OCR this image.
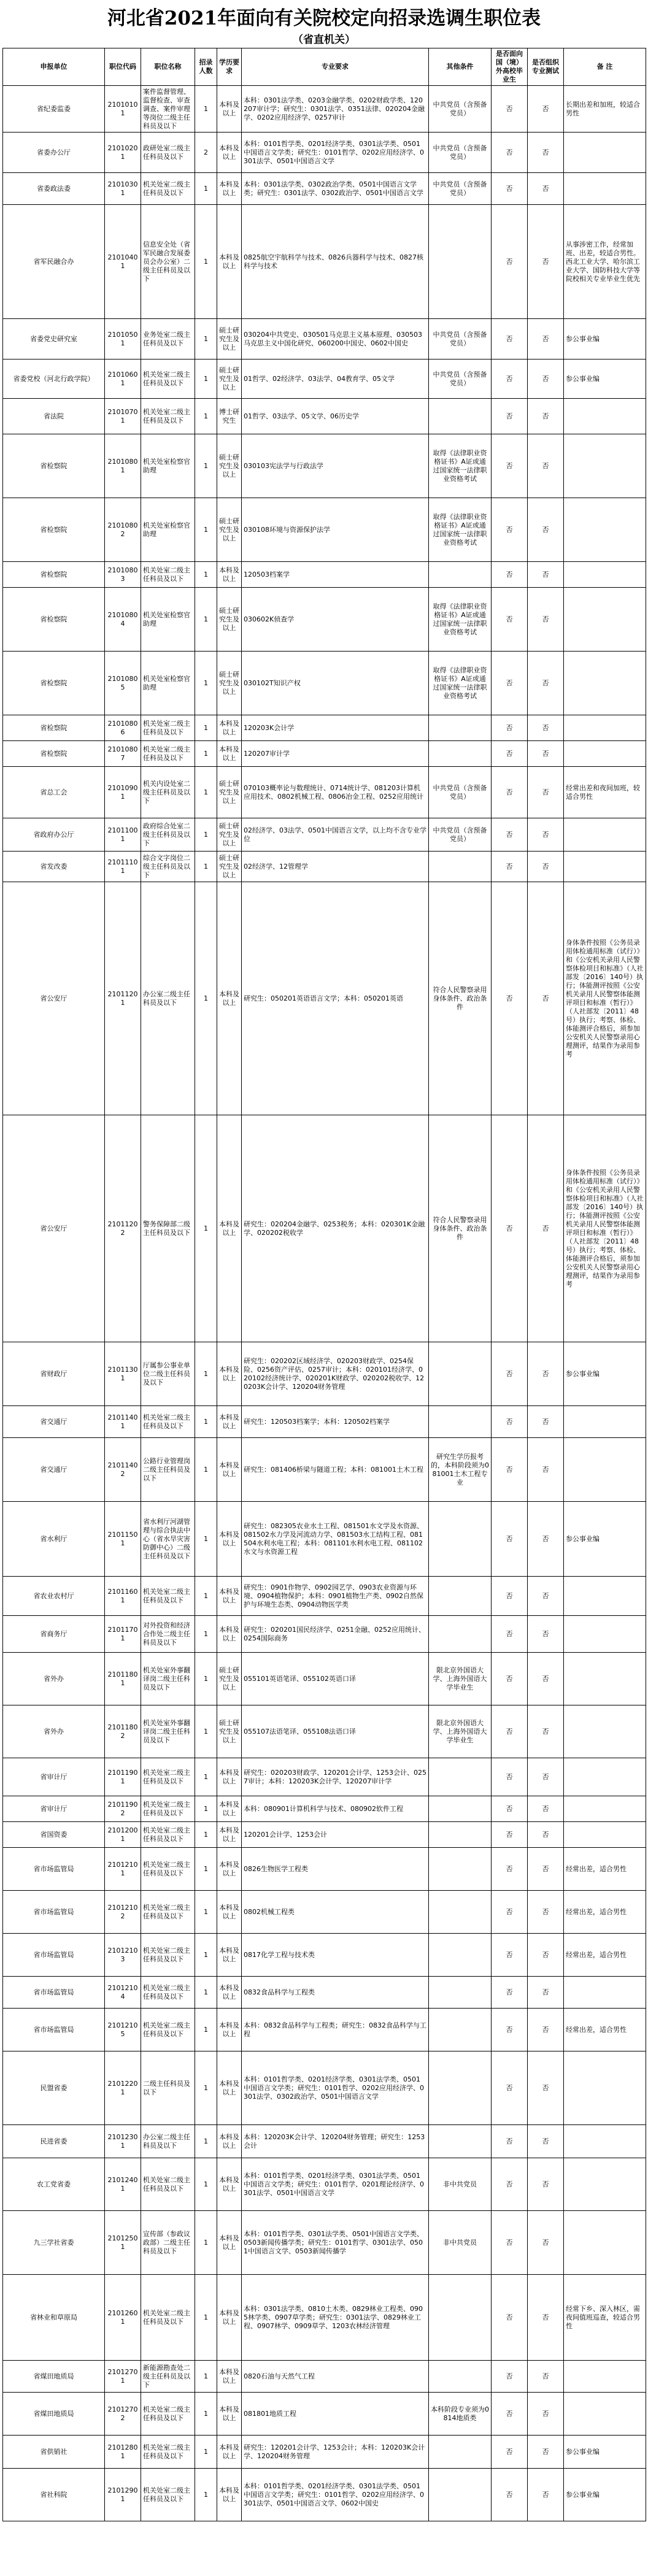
河北省2021年面向有关院校定向招录选调生职位表
（省直机关）
申报单位	职位代码	职位名称	招录人数	学历要求	专业要求	其他条件	是否面向国（境）外高校毕业生	是否组织专业测试	备 注
省纪委监委	21010101	案件监督管理、监督检查、审查调查、案件审理等岗位二级主任科员及以下	1	本科及以上	本科：0301法学类、0203金融学类、0202财政学类、120207审计学；研究生：0301法学、0351法律、020204金融学、0202应用经济学、0257审计	中共党员（含预备党员）	否	否	长期出差和加班，较适合男性
省委办公厅	21010201	政研处室二级主任科员及以下	2	本科及以上	本科：0101哲学类、0201经济学类、0301法学类、0501中国语言文学类；研究生：0101哲学、0202应用经济学、0301法学、0501中国语言文学	中共党员（含预备党员）	否	否	
省委政法委	21010301	机关处室二级主任科员及以下	1	本科及以上	本科：0301法学类、0302政治学类、0501中国语言文学类；研究生：0301法学、0302政治学、0501中国语言文学	中共党员（含预备党员）	否	否	
省军民融合办	21010401	信息安全处（省军民融合发展委员会办公室）二级主任科员及以下	1	本科及以上	0825航空宇航科学与技术、0826兵器科学与技术、0827核科学与技术		否	否	从事涉密工作，经常加班、出差，较适合男性。西北工业大学、哈尔滨工业大学、国防科技大学等院校相关专业毕业生优先
省委党史研究室	21010501	业务处室二级主任科员及以下	1	硕士研究生及以上	030204中共党史、030501马克思主义基本原理、030503马克思主义中国化研究、060200中国史、0602中国史	中共党员（含预备党员）	否	否	参公事业编
省委党校（河北行政学院）	21010601	机关处室二级主任科员及以下	1	硕士研究生及以上	01哲学、02经济学、03法学、04教育学、05文学	中共党员（含预备党员）	否	否	参公事业编
省法院	21010701	机关处室二级主任科员及以下	1	博士研究生	01哲学、03法学、05文学、06历史学		否	否	
省检察院	21010801	机关处室检察官助理	1	硕士研究生及以上	030103宪法学与行政法学	取得《法律职业资格证书》A证或通过国家统一法律职业资格考试	否	否	
省检察院	21010802	机关处室检察官助理	1	硕士研究生及以上	030108环境与资源保护法学	取得《法律职业资格证书》A证或通过国家统一法律职业资格考试	否	否	
省检察院	21010803	机关处室二级主任科员及以下	1	本科及以上	120503档案学		否	否	
省检察院	21010804	机关处室检察官助理	1	硕士研究生及以上	030602K侦查学	取得《法律职业资格证书》A证或通过国家统一法律职业资格考试	否	否	
省检察院	21010805	机关处室检察官助理	1	硕士研究生及以上	030102T知识产权	取得《法律职业资格证书》A证或通过国家统一法律职业资格考试	否	否	
省检察院	21010806	机关处室二级主任科员及以下	1	本科及以上	120203K会计学		否	否	
省检察院	21010807	机关处室二级主任科员及以下	1	本科及以上	120207审计学		否	否	
省总工会	21010901	机关内设处室二级主任科员及以下	1	硕士研究生及以上	070103概率论与数理统计、0714统计学、081203计算机应用技术、0802机械工程、0806冶金工程、0252应用统计	中共党员（含预备党员）	否	否	经常出差和夜间加班，较适合男性
省政府办公厅	21011001	政府综合处室二级主任科员及以下	1	硕士研究生及以上	02经济学、03法学、0501中国语言文学，以上均不含专业学位	中共党员（含预备党员）	否	否	
省发改委	21011101	综合文字岗位二级主任科员及以下	1	硕士研究生及以上	02经济学、12管理学		否	否	
省公安厅	21011201	办公室二级主任科员及以下	1	本科及以上	研究生：050201英语语言文学；本科：050201英语	符合人民警察录用身体条件、政治条件	否	否	身体条件按照《公务员录用体检通用标准（试行）》和《公安机关录用人民警察体检项目和标准》（人社部发〔2016〕140号）执行；体能测评按照《公安机关录用人民警察体能测评项目和标准（暂行）》（人社部发〔2011〕48号）执行；考察、体检、体能测评合格后，须参加公安机关人民警察录用心理测评，结果作为录用参考
省公安厅	21011202	警务保障部二级主任科员及以下	1	本科及以上	研究生：020204金融学、0253税务；本科：020301K金融学、020202税收学	符合人民警察录用身体条件、政治条件	否	否	身体条件按照《公务员录用体检通用标准（试行）》和《公安机关录用人民警察体检项目和标准》（人社部发〔2016〕140号）执行；体能测评按照《公安机关录用人民警察体能测评项目和标准（暂行）》（人社部发〔2011〕48号）执行；考察、体检、体能测评合格后，须参加公安机关人民警察录用心理测评，结果作为录用参考
省财政厅	21011301	厅属参公事业单位二级主任科员及以下	1	本科及以上	研究生：020202区域经济学、020203财政学、0254保险、0256资产评估、0257审计；本科：020101经济学、020102经济统计学、020201K财政学、020202税收学、120203K会计学、120204财务管理		否	否	参公事业编
省交通厅	21011401	机关处室二级主任科员及以下	1	本科及以上	研究生：120503档案学；本科：120502档案学		否	否	
省交通厅	21011402	公路行业管理岗二级主任科员及以下	1	本科及以上	研究生：081406桥梁与隧道工程；本科：081001土木工程	研究生学历报考的，本科阶段须为081001土木工程专业	否	否	
省水利厅	21011501	省水利厅河湖管理与综合执法中心（省水旱灾害防御中心）二级主任科员及以下	1	本科及以上	研究生：082305农业水土工程、081501水文学及水资源、081502水力学及河流动力学、081503水工结构工程、081504水利水电工程；本科：081101水利水电工程、081102水文与水资源工程		否	否	参公事业编
省农业农村厅	21011601	机关处室二级主任科员及以下	1	本科及以上	研究生：0901作物学、0902园艺学、0903农业资源与环境、0904植物保护；本科：0901植物生产类、0902自然保护与环境生态类、0904动物医学类		否	否	
省商务厅	21011701	对外投资和经济合作处二级主任科员及以下	1	本科及以上	研究生：020201国民经济学、0251金融、0252应用统计、0254国际商务		否	否	
省外办	21011801	机关处室外事翻译岗二级主任科员及以下	1	硕士研究生及以上	055101英语笔译、055102英语口译	限北京外国语大学、上海外国语大学毕业生	否	否	
省外办	21011802	机关处室外事翻译岗二级主任科员及以下	1	硕士研究生及以上	055107法语笔译、055108法语口译	限北京外国语大学、上海外国语大学毕业生	否	否	
省审计厅	21011901	机关处室二级主任科员及以下	1	本科及以上	研究生：020203财政学、120201会计学、1253会计、0257审计；本科：120203K会计学、120207审计学		否	否	
省审计厅	21011902	机关处室二级主任科员及以下	1	本科及以上	本科：080901计算机科学与技术、080902软件工程		否	否	
省国资委	21012001	机关处室二级主任科员及以下	1	本科及以上	120201会计学、1253会计		否	否	
省市场监管局	21012101	机关处室二级主任科员及以下	1	本科及以上	0826生物医学工程类		否	否	经常出差，适合男性
省市场监管局	21012102	机关处室二级主任科员及以下	1	本科及以上	0802机械工程类		否	否	经常出差，适合男性
省市场监管局	21012103	机关处室二级主任科员及以下	1	本科及以上	0817化学工程与技术类		否	否	经常出差，适合男性
省市场监管局	21012104	机关处室二级主任科员及以下	1	本科及以上	0832食品科学与工程类		否	否	
省市场监管局	21012105	机关处室二级主任科员及以下	1	本科及以上	本科：0832食品科学与工程类；研究生：0832食品科学与工程		否	否	经常出差，适合男性
民盟省委	21012201	二级主任科员及以下	1	本科及以上	本科：0101哲学类、0201经济学类、0301法学类、0501中国语言文学类；研究生：0101哲学、0202应用经济学、0301法学、0302政治学、0501中国语言文学		否	否	
民进省委	21012301	办公室二级主任科员及以下	1	本科及以上	本科：120203K会计学、120204财务管理；研究生：1253会计		否	否	
农工党省委	21012401	机关处室二级主任科员及以下	1	本科及以上	本科：0101哲学类、0201经济学类、0301法学类、0501中国语言文学类；研究生：0101哲学、0201理论经济学、0301法学、0501中国语言文学	非中共党员	否	否	
九三学社省委	21012501	宣传部（参政议政部）二级主任科员及以下	1	本科及以上	本科：0101哲学类、0301法学类、0501中国语言文学类、0503新闻传播学类；研究生：0101哲学、0301法学、0501中国语言文学、0503新闻传播学	非中共党员	否	否	
省林业和草原局	21012601	机关处室二级主任科员及以下	1	本科及以上	本科：0301法学类、0810土木类、0829林业工程类、0905林学类、0907草学类；研究生：0301法学、0829林业工程、0907林学、0909草学、1203农林经济管理		否	否	经常下乡、深入林区，需夜间值班巡查，较适合男性
省煤田地质局	21012701	新能源勘查处二级主任科员及以下	1	本科及以上	0820石油与天然气工程		否	否	
省煤田地质局	21012702	机关处室二级主任科员及以下	1	本科及以上	081801地质工程	本科阶段专业须为0814地质类	否	否	
省供销社	21012801	机关处室二级主任科员及以下	1	本科及以上	研究生：120201会计学、1253会计；本科：120203K会计学、120204财务管理		否	否	参公事业编
省社科院	21012901	机关处室二级主任科员及以下	1	本科及以上	本科：0101哲学类、0201经济学类、0301法学类、0501中国语言文学类；研究生：0101哲学、0202应用经济学、0301法学、0501中国语言文学、0602中国史		否	否	参公事业编
